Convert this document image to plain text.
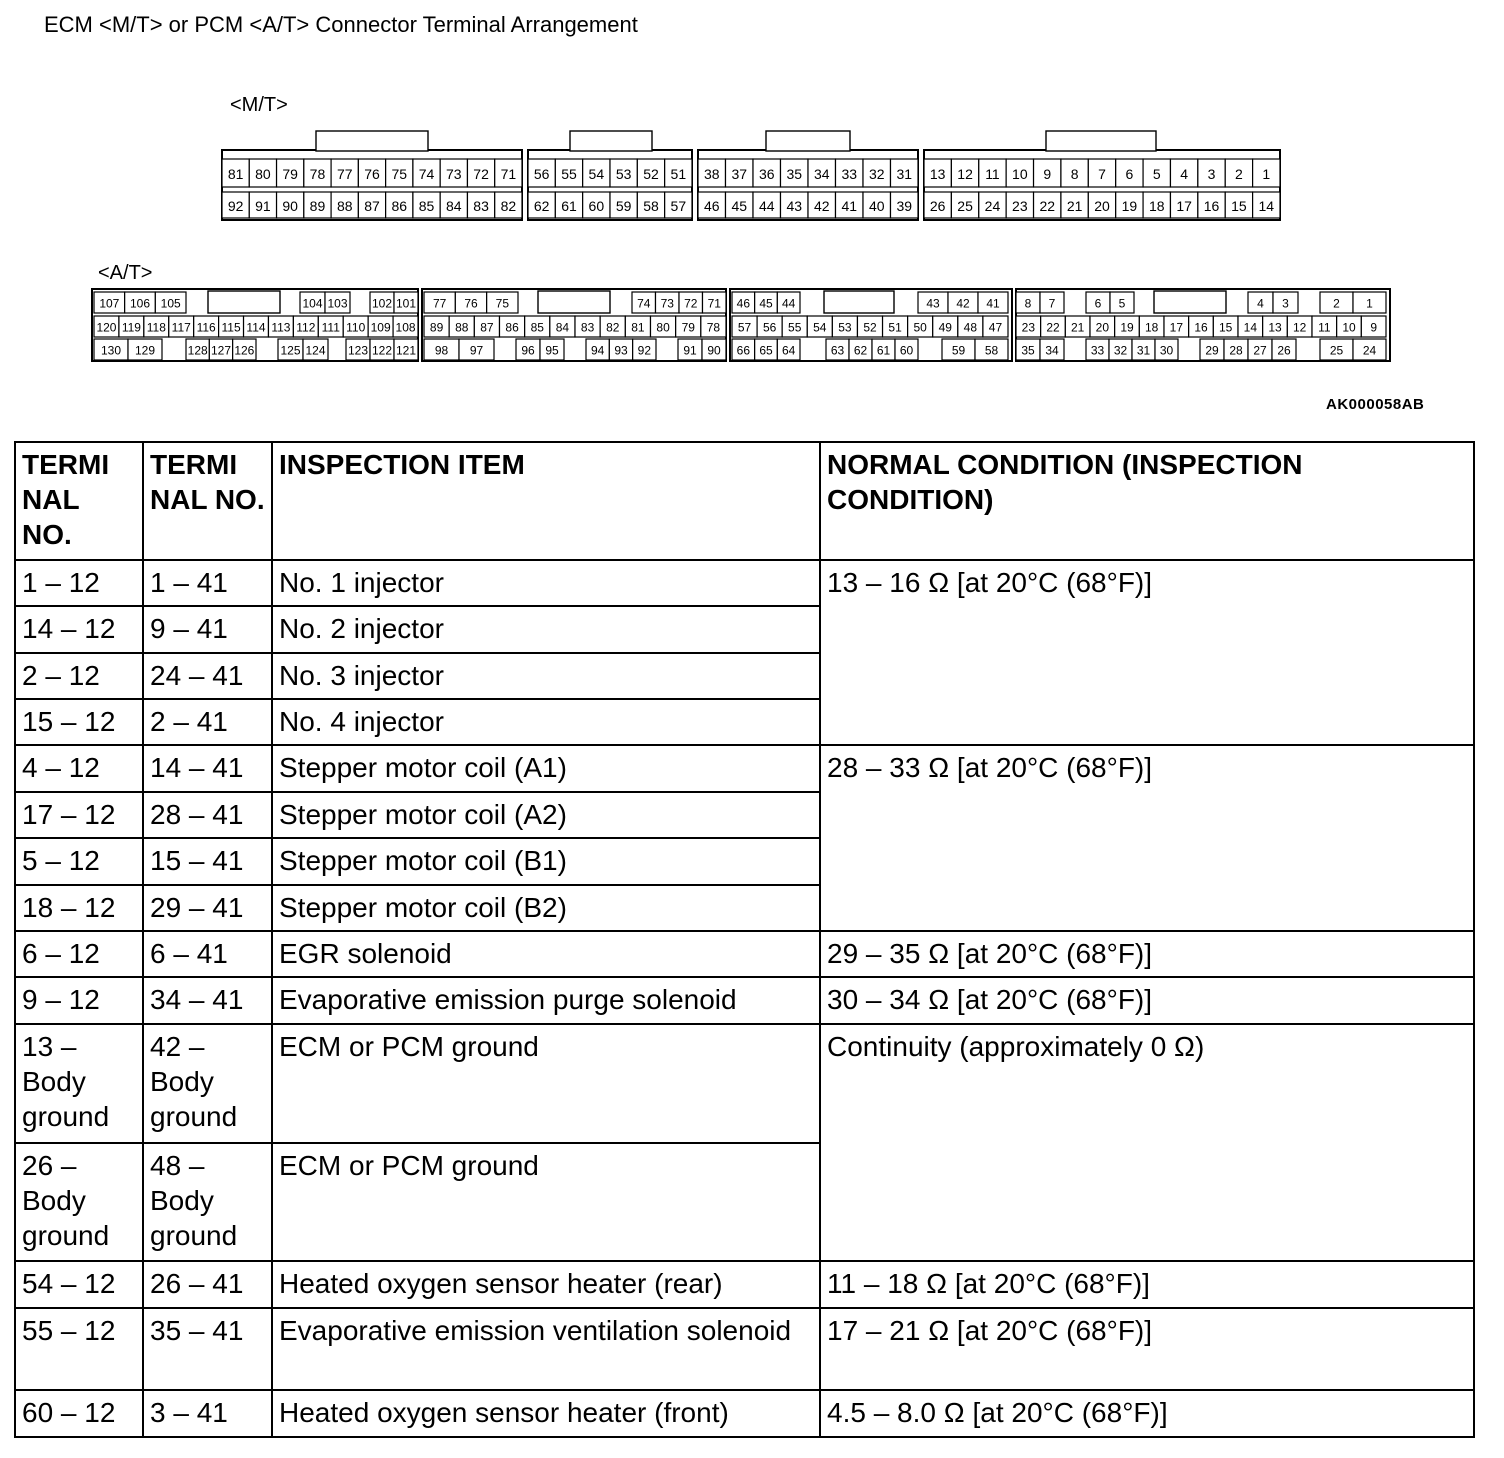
ECM <M/T> or PCM <A/T> Connector Terminal Arrangement
<M/T>
81 80 79 78 77 76 75 74 73 72 71 56 55 54 53 52 51 38 37 36 35 34 33 32 31 13 12 11 10 9 8 7 6 5 4 3 2 1
92 91 90 89 88 87 86 85 84 83 82 62 61 60 59 58 57 46 45 44 43 42 41 40 39 26 25 24 23 22 21 20 19 18 17 16 15 14
<A/T>
107 106 105	104 103 102 101 77 76 75	74 73 72 71 46 45 44	43 42 41 8 7	6 5	4 3	2 1
120 119 118 117 116 115 114 113 112 111 110 109 108 89 88 87 86 85 84 83 82 81 80 79 78 57 56 55 54 53 52 51 50 49 48 47 23 22 21 20 19 18 17 16 15 14 13 12 11 10 9
130 129	128 127 126 125 124 123 122 121 98 97	96 95	94 93 92	91 90 66 65 64	63 62 61 60	59 58 35 34	33 32 31 30	29 28 27 26	25 24
AK000058AB
TERMI NAL NO.	TERMI NAL NO.	INSPECTION ITEM	NORMAL CONDITION (INSPECTION CONDITION)
1 – 12	1 – 41	No. 1 injector	13 – 16 Ω [at 20°C (68°F)]
14 – 12	9 – 41	No. 2 injector	
2 – 12	24 – 41	No. 3 injector	
15 – 12	2 – 41	No. 4 injector	
4 – 12	14 – 41	Stepper motor coil (A1)	28 – 33 Ω [at 20°C (68°F)]
17 – 12	28 – 41	Stepper motor coil (A2)	
5 – 12	15 – 41	Stepper motor coil (B1)	
18 – 12	29 – 41	Stepper motor coil (B2)	
6 – 12	6 – 41	EGR solenoid	29 – 35 Ω [at 20°C (68°F)]
9 – 12	34 – 41	Evaporative emission purge solenoid	30 – 34 Ω [at 20°C (68°F)]
13 – Body ground	42 – Body ground	ECM or PCM ground	Continuity (approximately 0 Ω)
26 – Body ground	48 – Body ground	ECM or PCM ground	
54 – 12	26 – 41	Heated oxygen sensor heater (rear)	11 – 18 Ω [at 20°C (68°F)]
55 – 12	35 – 41	Evaporative emission ventilation solenoid	17 – 21 Ω [at 20°C (68°F)]
60 – 12	3 – 41	Heated oxygen sensor heater (front)	4.5 – 8.0 Ω [at 20°C (68°F)]
